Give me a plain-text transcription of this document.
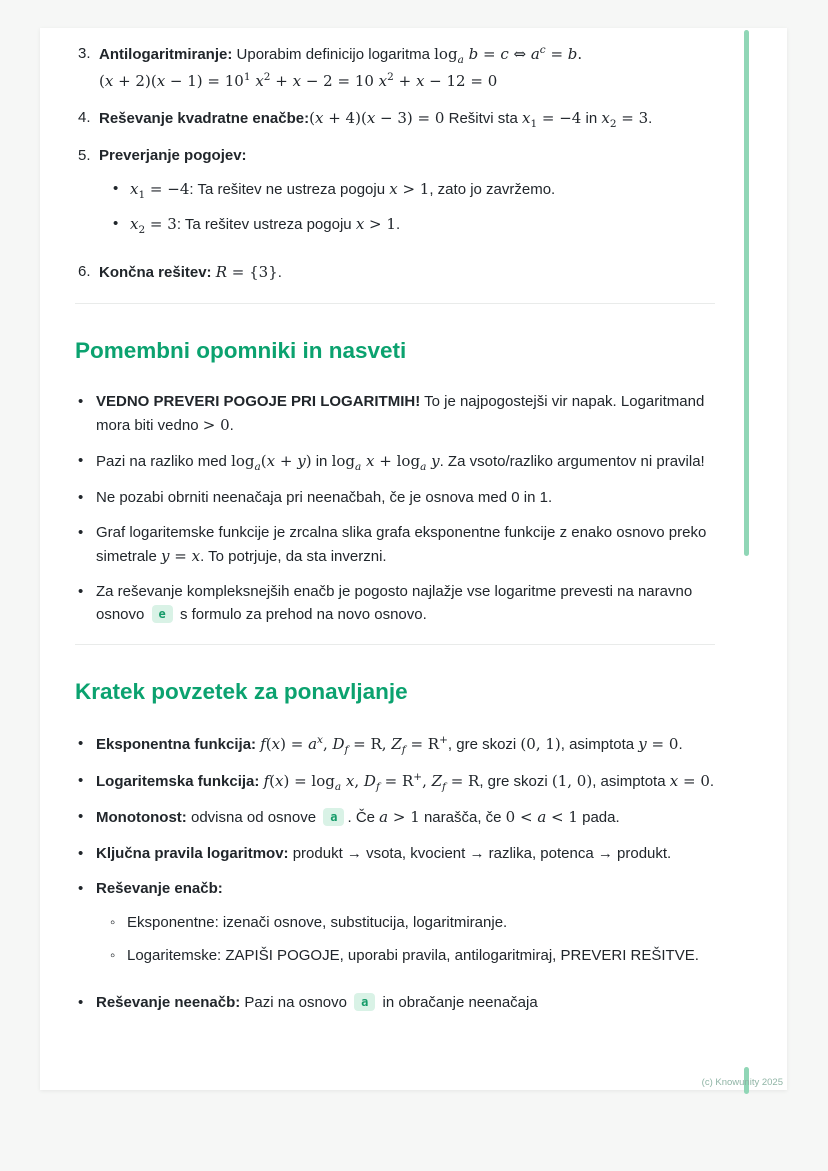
3. Antilogaritmiranje: Uporabim definicijo logaritma $\log_a b = c$ ⇔ $a^c = b$.
$(x + 2)(x - 1) = 10^1$ $x^2 + x - 2 = 10$ $x^2 + x - 12 = 0$
4. Reševanje kvadratne enačbe:(x + 4)(x − 3) = 0 Rešitvi sta $x_1 = -4$ in $x_2 = 3$.
5. Preverjanje pogojev:
•
$x_1 = -4$: Ta rešitev ne ustreza pogoju x > 1, zato jo zavržemo.
•
$x_2 = 3$: Ta rešitev ustreza pogoju x > 1.
6. Končna rešitev: R = {3}.
Pomembni opomniki in nasveti
•
VEDNO PREVERI POGOJE PRI LOGARITMIH! To je najpogostejši vir napak. Logaritmand mora biti vedno > 0.
•
Pazi na razliko med $\log_a(x + y)$ in $\log_a x + \log_a y$. Za vsoto/razliko argumentov ni pravila!
•
Ne pozabi obrniti neenačaja pri neenačbah, če je osnova med 0 in 1.
•
Graf logaritemske funkcije je zrcalna slika grafa eksponentne funkcije z enako osnovo preko simetrale y = x. To potrjuje, da sta inverzni.
•
Za reševanje kompleksnejših enačb je pogosto najlažje vse logaritme prevesti na naravno osnovo e s formulo za prehod na novo osnovo.
Kratek povzetek za ponavljanje
•
Eksponentna funkcija: $f(x) = a^x$, $D_f = R$, $Z_f = R^+$, gre skozi (0, 1), asimptota y = 0.
•
Logaritemska funkcija: $f(x) = \log_a x$, $D_f = R^+$, $Z_f = R$, gre skozi (1, 0), asimptota x = 0.
•
Monotonost: odvisna od osnove a . Če a > 1 narašča, če 0 < a < 1 pada.
•
Ključna pravila logaritmov: produkt → vsota, kvocient → razlika, potenca → produkt.
•
Reševanje enačb:
◦
Eksponentne: izenači osnove, substitucija, logaritmiranje.
◦
Logaritemske: ZAPIŠI POGOJE, uporabi pravila, antilogaritmiraj, PREVERI REŠITVE.
•
Reševanje neenačb: Pazi na osnovo a in obračanje neenačaja
(c) Knowunity 2025
